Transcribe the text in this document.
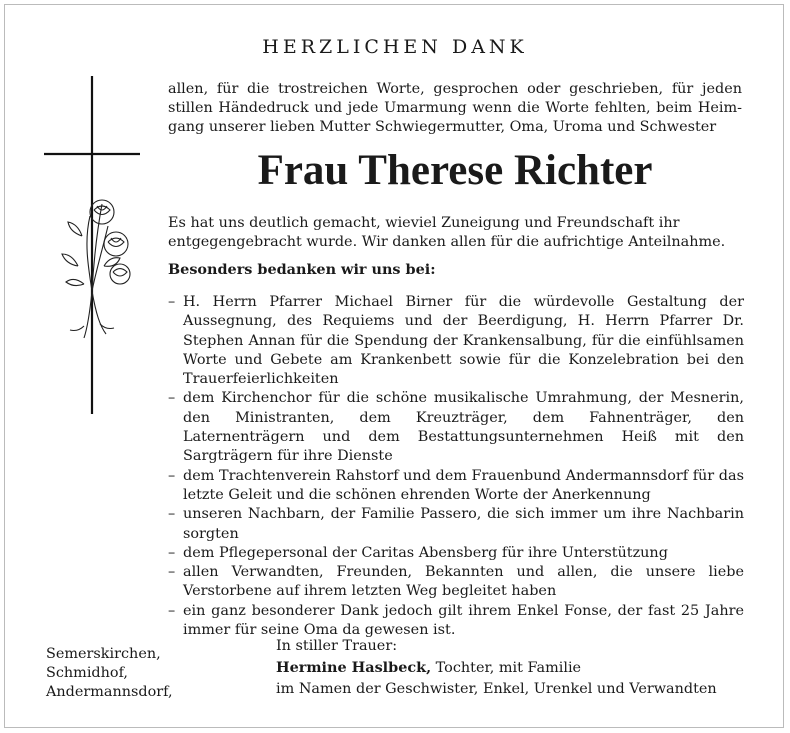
HERZLICHEN DANK
allen, für die trostreichen Worte, gesprochen oder geschrieben, für jeden
stillen Händedruck und jede Umarmung wenn die Worte fehlten, beim Heim-
gang unserer lieben Mutter Schwiegermutter, Oma, Uroma und Schwester
Frau Therese Richter
Es hat uns deutlich gemacht, wieviel Zuneigung und Freundschaft ihr entgegengebracht wurde. Wir danken allen für die aufrichtige Anteilnahme.
Besonders bedanken wir uns bei:
– H. Herrn Pfarrer Michael Birner für die würdevolle Gestaltung der Aussegnung, des Requiems und der Beerdigung, H. Herrn Pfarrer Dr. Stephen Annan für die Spendung der Krankensalbung, für die einfühlsamen Worte und Gebete am Krankenbett sowie für die Konzelebration bei den Trauerfeierlichkeiten
– dem Kirchenchor für die schöne musikalische Umrahmung, der Mesnerin, den Ministranten, dem Kreuzträger, dem Fahnenträger, den Laternenträgern und dem Bestattungsunternehmen Heiß mit den Sargträgern für ihre Dienste
– dem Trachtenverein Rahstorf und dem Frauenbund Andermannsdorf für das letzte Geleit und die schönen ehrenden Worte der Anerkennung
– unseren Nachbarn, der Familie Passero, die sich immer um ihre Nachbarin sorgten
– dem Pflegepersonal der Caritas Abensberg für ihre Unterstützung
– allen Verwandten, Freunden, Bekannten und allen, die unsere liebe Verstorbene auf ihrem letzten Weg begleitet haben
– ein ganz besonderer Dank jedoch gilt ihrem Enkel Fonse, der fast 25 Jahre immer für seine Oma da gewesen ist.
Semerskirchen,
Schmidhof,
Andermannsdorf,
In stiller Trauer:
Hermine Haslbeck, Tochter, mit Familie
im Namen der Geschwister, Enkel, Urenkel und Verwandten
